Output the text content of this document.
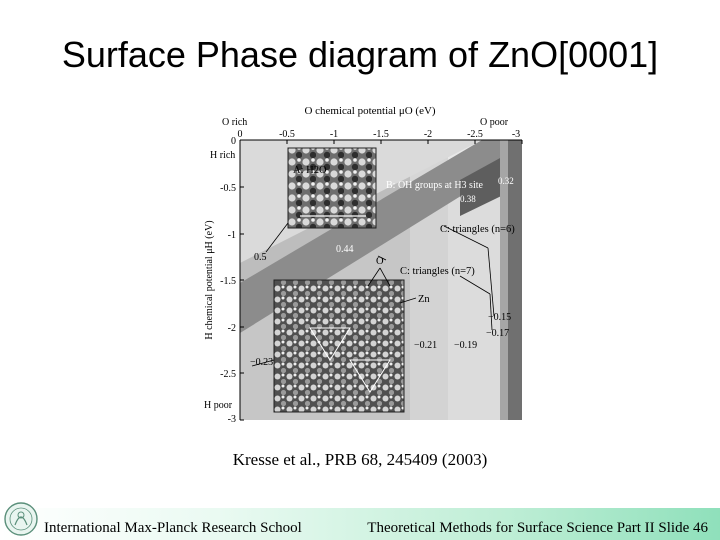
Surface Phase diagram of ZnO[0001]
O chemical potential μO (eV)
O rich	O poor
0	-0.5	-1	-1.5	-2	-2.5	-3
H rich
H poor
H chemical potential μH (eV)
0
-0.5
-1
-1.5
-2
-2.5
-3
A: H2O
B: OH groups at H3 site
C: triangles (n=6)
C: triangles (n=7)
0.32
0.38
0.44
0.5
−0.15
−0.17
−0.21 −0.19
−0.23
O
Zn
Kresse et al., PRB 68, 245409 (2003)
International Max-Planck Research School	Theoretical Methods for Surface Science Part II Slide 46
